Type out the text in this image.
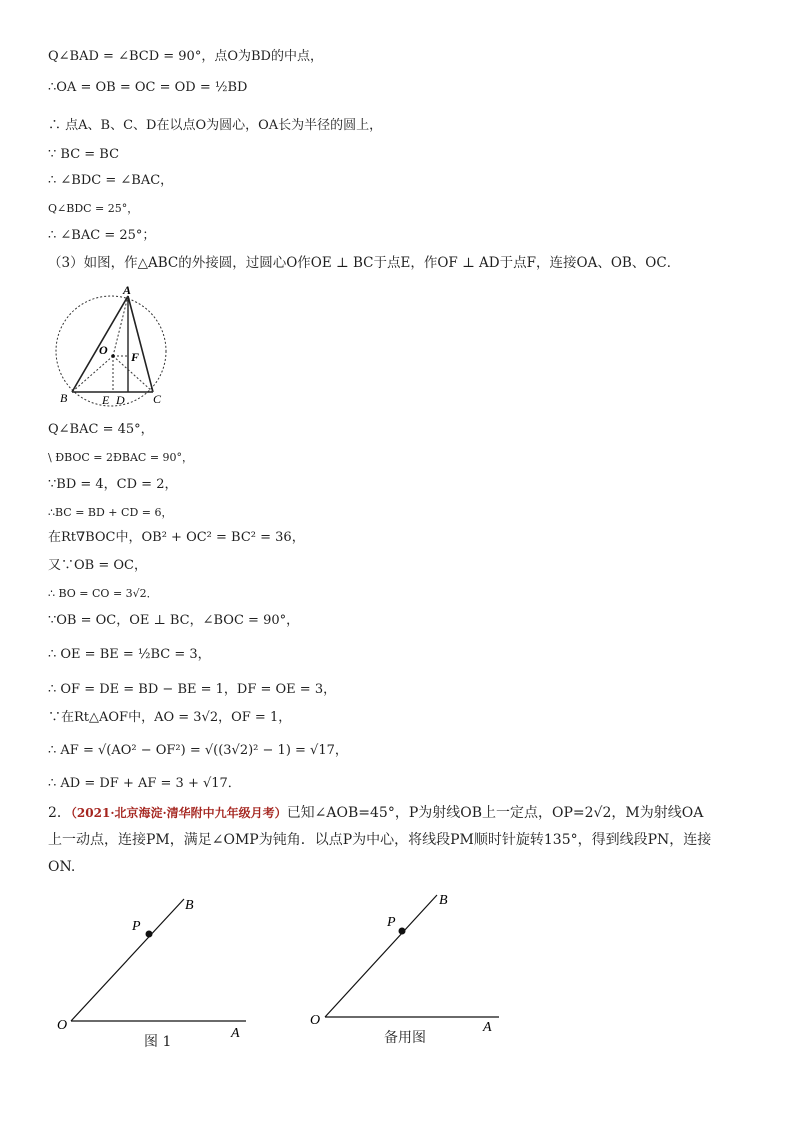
Q∠BAD = ∠BCD = 90°，点O为BD的中点，
∴OA = OB = OC = OD = ½BD
∴ 点A、B、C、D在以点O为圆心，OA长为半径的圆上，
∵ BC = BC
∴ ∠BDC = ∠BAC，
Q∠BDC = 25°，
∴ ∠BAC = 25°；
（3）如图，作△ABC的外接圆，过圆心O作OE ⊥ BC于点E，作OF ⊥ AD于点F，连接OA、OB、OC．
A
B	C
O F
E D
Q∠BAC = 45°，
\ ÐBOC = 2ÐBAC = 90°，
∵BD = 4，CD = 2，
∴BC = BD + CD = 6，
在Rt∇BOC中，OB² + OC² = BC² = 36，
又∵OB = OC，
∴ BO = CO = 3√2．
∵OB = OC，OE ⊥ BC，∠BOC = 90°，
∴ OE = BE = ½BC = 3，
∴ OF = DE = BD − BE = 1，DF = OE = 3，
∵在Rt△AOF中，AO = 3√2，OF = 1，
∴ AF = √(AO² − OF²) = √((3√2)² − 1) = √17，
∴ AD = DF + AF = 3 + √17．
2．（2021·北京海淀·清华附中九年级月考）已知∠AOB=45°，P为射线OB上一定点，OP=2√2，M为射线OA
上一动点，连接PM，满足∠OMP为钝角．以点P为中心，将线段PM顺时针旋转135°，得到线段PN，连接
ON.
B
P
O
A
图 1
B
P
O	A
备用图
